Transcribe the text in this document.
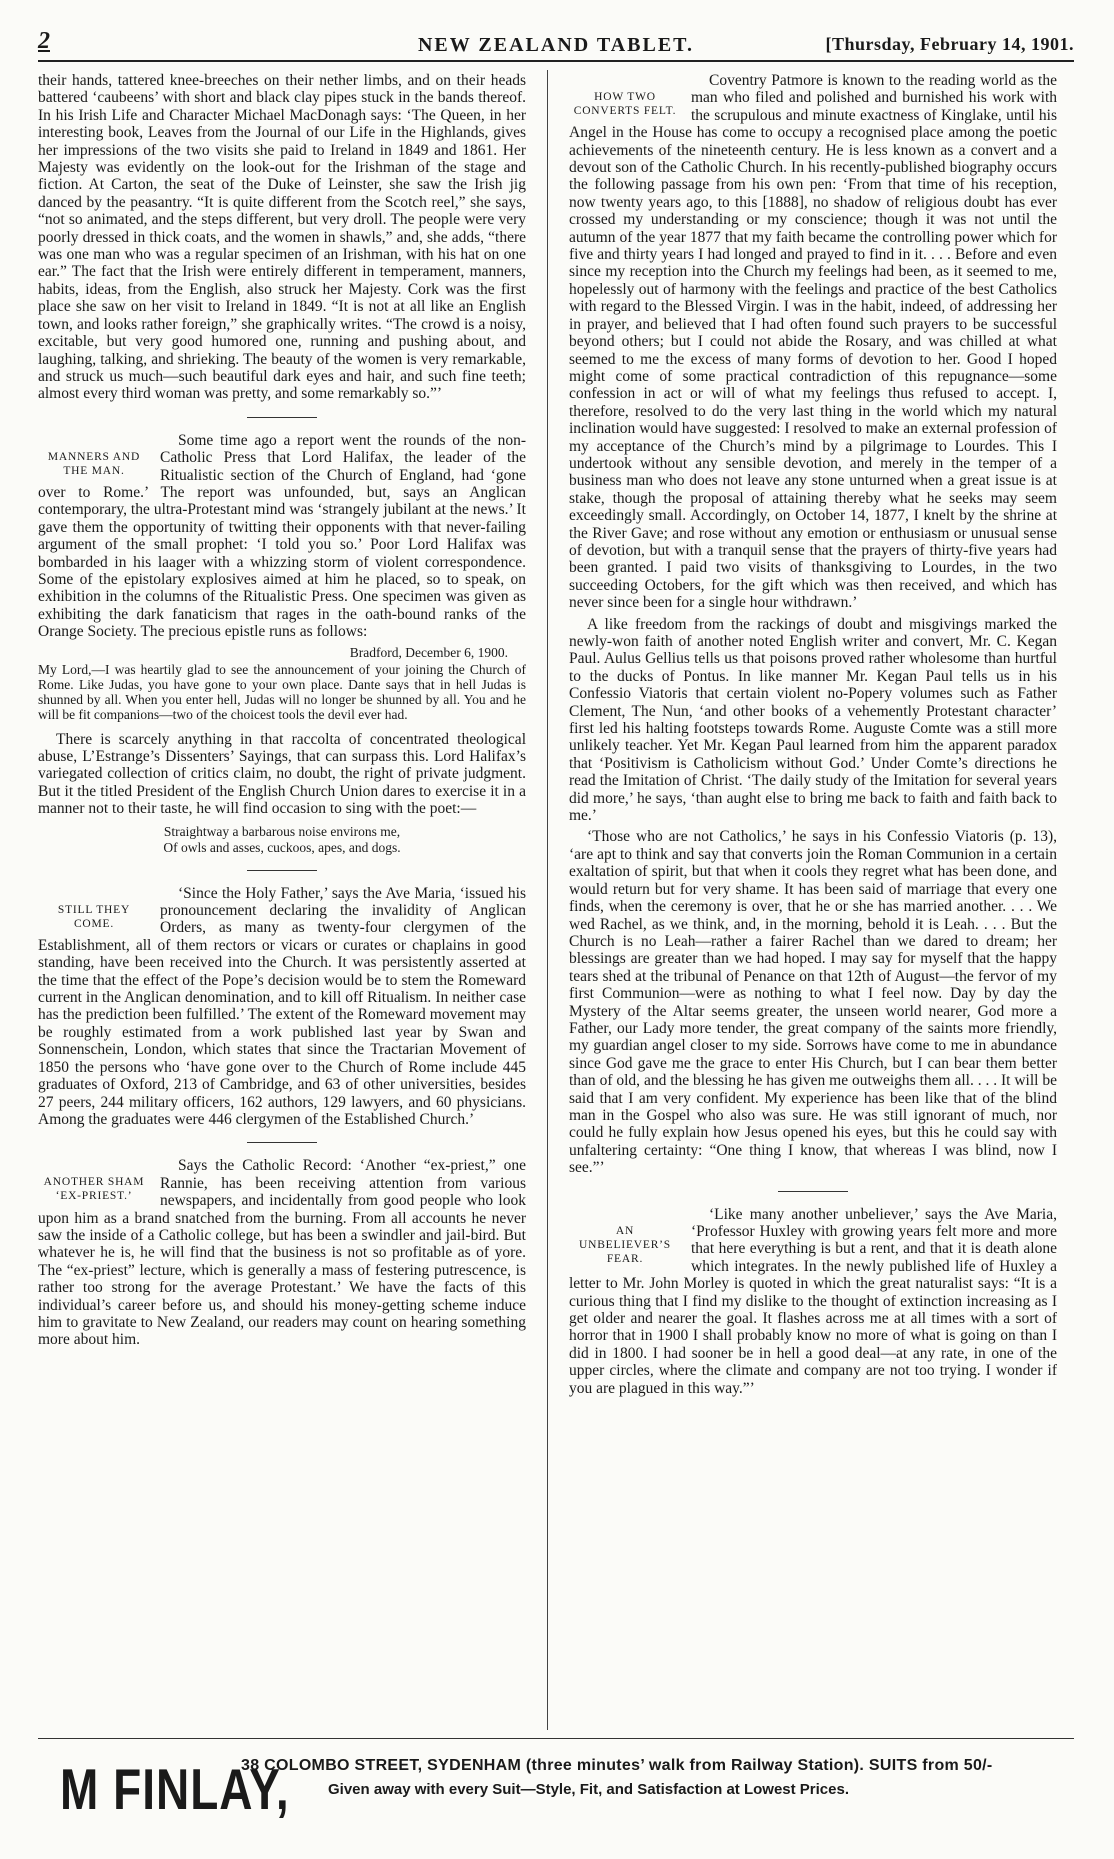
2	NEW ZEALAND TABLET.	[Thursday, February 14, 1901.

their hands, tattered knee-breeches on their nether limbs, and on their heads battered ‘caubeens’ with short and black clay pipes stuck in the bands thereof. In his Irish Life and Character Michael MacDonagh says: ‘The Queen, in her interesting book, Leaves from the Journal of our Life in the Highlands, gives her impressions of the two visits she paid to Ireland in 1849 and 1861. Her Majesty was evidently on the look-out for the Irishman of the stage and fiction. At Carton, the seat of the Duke of Leinster, she saw the Irish jig danced by the peasantry. “It is quite different from the Scotch reel,” she says, “not so animated, and the steps different, but very droll. The people were very poorly dressed in thick coats, and the women in shawls,” and, she adds, “there was one man who was a regular specimen of an Irishman, with his hat on one ear.” The fact that the Irish were entirely different in temperament, manners, habits, ideas, from the English, also struck her Majesty. Cork was the first place she saw on her visit to Ireland in 1849. “It is not at all like an English town, and looks rather foreign,” she graphically writes. “The crowd is a noisy, excitable, but very good humored one, running and pushing about, and laughing, talking, and shrieking. The beauty of the women is very remarkable, and struck us much—such beautiful dark eyes and hair, and such fine teeth; almost every third woman was pretty, and some remarkably so.”’

MANNERS AND THE MAN.

Some time ago a report went the rounds of the non-Catholic Press that Lord Halifax, the leader of the Ritualistic section of the Church of England, had ‘gone over to Rome.’ The report was unfounded, but, says an Anglican contemporary, the ultra-Protestant mind was ‘strangely jubilant at the news.’ It gave them the opportunity of twitting their opponents with that never-failing argument of the small prophet: ‘I told you so.’ Poor Lord Halifax was bombarded in his laager with a whizzing storm of violent correspondence. Some of the epistolary explosives aimed at him he placed, so to speak, on exhibition in the columns of the Ritualistic Press. One specimen was given as exhibiting the dark fanaticism that rages in the oath-bound ranks of the Orange Society. The precious epistle runs as follows:

Bradford, December 6, 1900.

My Lord,—I was heartily glad to see the announcement of your joining the Church of Rome. Like Judas, you have gone to your own place. Dante says that in hell Judas is shunned by all. When you enter hell, Judas will no longer be shunned by all. You and he will be fit companions—two of the choicest tools the devil ever had.

There is scarcely anything in that raccolta of concentrated theological abuse, L’Estrange’s Dissenters’ Sayings, that can surpass this. Lord Halifax’s variegated collection of critics claim, no doubt, the right of private judgment. But it the titled President of the English Church Union dares to exercise it in a manner not to their taste, he will find occasion to sing with the poet:—

Straightway a barbarous noise environs me,
Of owls and asses, cuckoos, apes, and dogs.
STILL THEY COME.

‘Since the Holy Father,’ says the Ave Maria, ‘issued his pronouncement declaring the invalidity of Anglican Orders, as many as twenty-four clergymen of the Establishment, all of them rectors or vicars or curates or chaplains in good standing, have been received into the Church. It was persistently asserted at the time that the effect of the Pope’s decision would be to stem the Romeward current in the Anglican denomination, and to kill off Ritualism. In neither case has the prediction been fulfilled.’ The extent of the Romeward movement may be roughly estimated from a work published last year by Swan and Sonnenschein, London, which states that since the Tractarian Movement of 1850 the persons who ‘have gone over to the Church of Rome include 445 graduates of Oxford, 213 of Cambridge, and 63 of other universities, besides 27 peers, 244 military officers, 162 authors, 129 lawyers, and 60 physicians. Among the graduates were 446 clergymen of the Established Church.’

ANOTHER SHAM ‘EX-PRIEST.’

Says the Catholic Record: ‘Another “ex-priest,” one Rannie, has been receiving attention from various newspapers, and incidentally from good people who look upon him as a brand snatched from the burning. From all accounts he never saw the inside of a Catholic college, but has been a swindler and jail-bird. But whatever he is, he will find that the business is not so profitable as of yore. The “ex-priest” lecture, which is generally a mass of festering putrescence, is rather too strong for the average Protestant.’ We have the facts of this individual’s career before us, and should his money-getting scheme induce him to gravitate to New Zealand, our readers may count on hearing something more about him.

HOW TWO CONVERTS FELT.

Coventry Patmore is known to the reading world as the man who filed and polished and burnished his work with the scrupulous and minute exactness of Kinglake, until his Angel in the House has come to occupy a recognised place among the poetic achievements of the nineteenth century. He is less known as a convert and a devout son of the Catholic Church. In his recently-published biography occurs the following passage from his own pen: ‘From that time of his reception, now twenty years ago, to this [1888], no shadow of religious doubt has ever crossed my understanding or my conscience; though it was not until the autumn of the year 1877 that my faith became the controlling power which for five and thirty years I had longed and prayed to find in it. . . . Before and even since my reception into the Church my feelings had been, as it seemed to me, hopelessly out of harmony with the feelings and practice of the best Catholics with regard to the Blessed Virgin. I was in the habit, indeed, of addressing her in prayer, and believed that I had often found such prayers to be successful beyond others; but I could not abide the Rosary, and was chilled at what seemed to me the excess of many forms of devotion to her. Good I hoped might come of some practical contradiction of this repugnance—some confession in act or will of what my feelings thus refused to accept. I, therefore, resolved to do the very last thing in the world which my natural inclination would have suggested: I resolved to make an external profession of my acceptance of the Church’s mind by a pilgrimage to Lourdes. This I undertook without any sensible devotion, and merely in the temper of a business man who does not leave any stone unturned when a great issue is at stake, though the proposal of attaining thereby what he seeks may seem exceedingly small. Accordingly, on October 14, 1877, I knelt by the shrine at the River Gave; and rose without any emotion or enthusiasm or unusual sense of devotion, but with a tranquil sense that the prayers of thirty-five years had been granted. I paid two visits of thanksgiving to Lourdes, in the two succeeding Octobers, for the gift which was then received, and which has never since been for a single hour withdrawn.’

A like freedom from the rackings of doubt and misgivings marked the newly-won faith of another noted English writer and convert, Mr. C. Kegan Paul. Aulus Gellius tells us that poisons proved rather wholesome than hurtful to the ducks of Pontus. In like manner Mr. Kegan Paul tells us in his Confessio Viatoris that certain violent no-Popery volumes such as Father Clement, The Nun, ‘and other books of a vehemently Protestant character’ first led his halting footsteps towards Rome. Auguste Comte was a still more unlikely teacher. Yet Mr. Kegan Paul learned from him the apparent paradox that ‘Positivism is Catholicism without God.’ Under Comte’s directions he read the Imitation of Christ. ‘The daily study of the Imitation for several years did more,’ he says, ‘than aught else to bring me back to faith and faith back to me.’

‘Those who are not Catholics,’ he says in his Confessio Viatoris (p. 13), ‘are apt to think and say that converts join the Roman Communion in a certain exaltation of spirit, but that when it cools they regret what has been done, and would return but for very shame. It has been said of marriage that every one finds, when the ceremony is over, that he or she has married another. . . . We wed Rachel, as we think, and, in the morning, behold it is Leah. . . . But the Church is no Leah—rather a fairer Rachel than we dared to dream; her blessings are greater than we had hoped. I may say for myself that the happy tears shed at the tribunal of Penance on that 12th of August—the fervor of my first Communion—were as nothing to what I feel now. Day by day the Mystery of the Altar seems greater, the unseen world nearer, God more a Father, our Lady more tender, the great company of the saints more friendly, my guardian angel closer to my side. Sorrows have come to me in abundance since God gave me the grace to enter His Church, but I can bear them better than of old, and the blessing he has given me outweighs them all. . . . It will be said that I am very confident. My experience has been like that of the blind man in the Gospel who also was sure. He was still ignorant of much, nor could he fully explain how Jesus opened his eyes, but this he could say with unfaltering certainty: “One thing I know, that whereas I was blind, now I see.”’

AN UNBELIEVER’S FEAR.

‘Like many another unbeliever,’ says the Ave Maria, ‘Professor Huxley with growing years felt more and more that here everything is but a rent, and that it is death alone which integrates. In the newly published life of Huxley a letter to Mr. John Morley is quoted in which the great naturalist says: “It is a curious thing that I find my dislike to the thought of extinction increasing as I get older and nearer the goal. It flashes across me at all times with a sort of horror that in 1900 I shall probably know no more of what is going on than I did in 1800. I had sooner be in hell a good deal—at any rate, in one of the upper circles, where the climate and company are not too trying. I wonder if you are plagued in this way.”’

M FINLAY,
38 COLOMBO STREET, SYDENHAM (three minutes’ walk from Railway Station). SUITS from 50/-
Given away with every Suit—Style, Fit, and Satisfaction at Lowest Prices.
